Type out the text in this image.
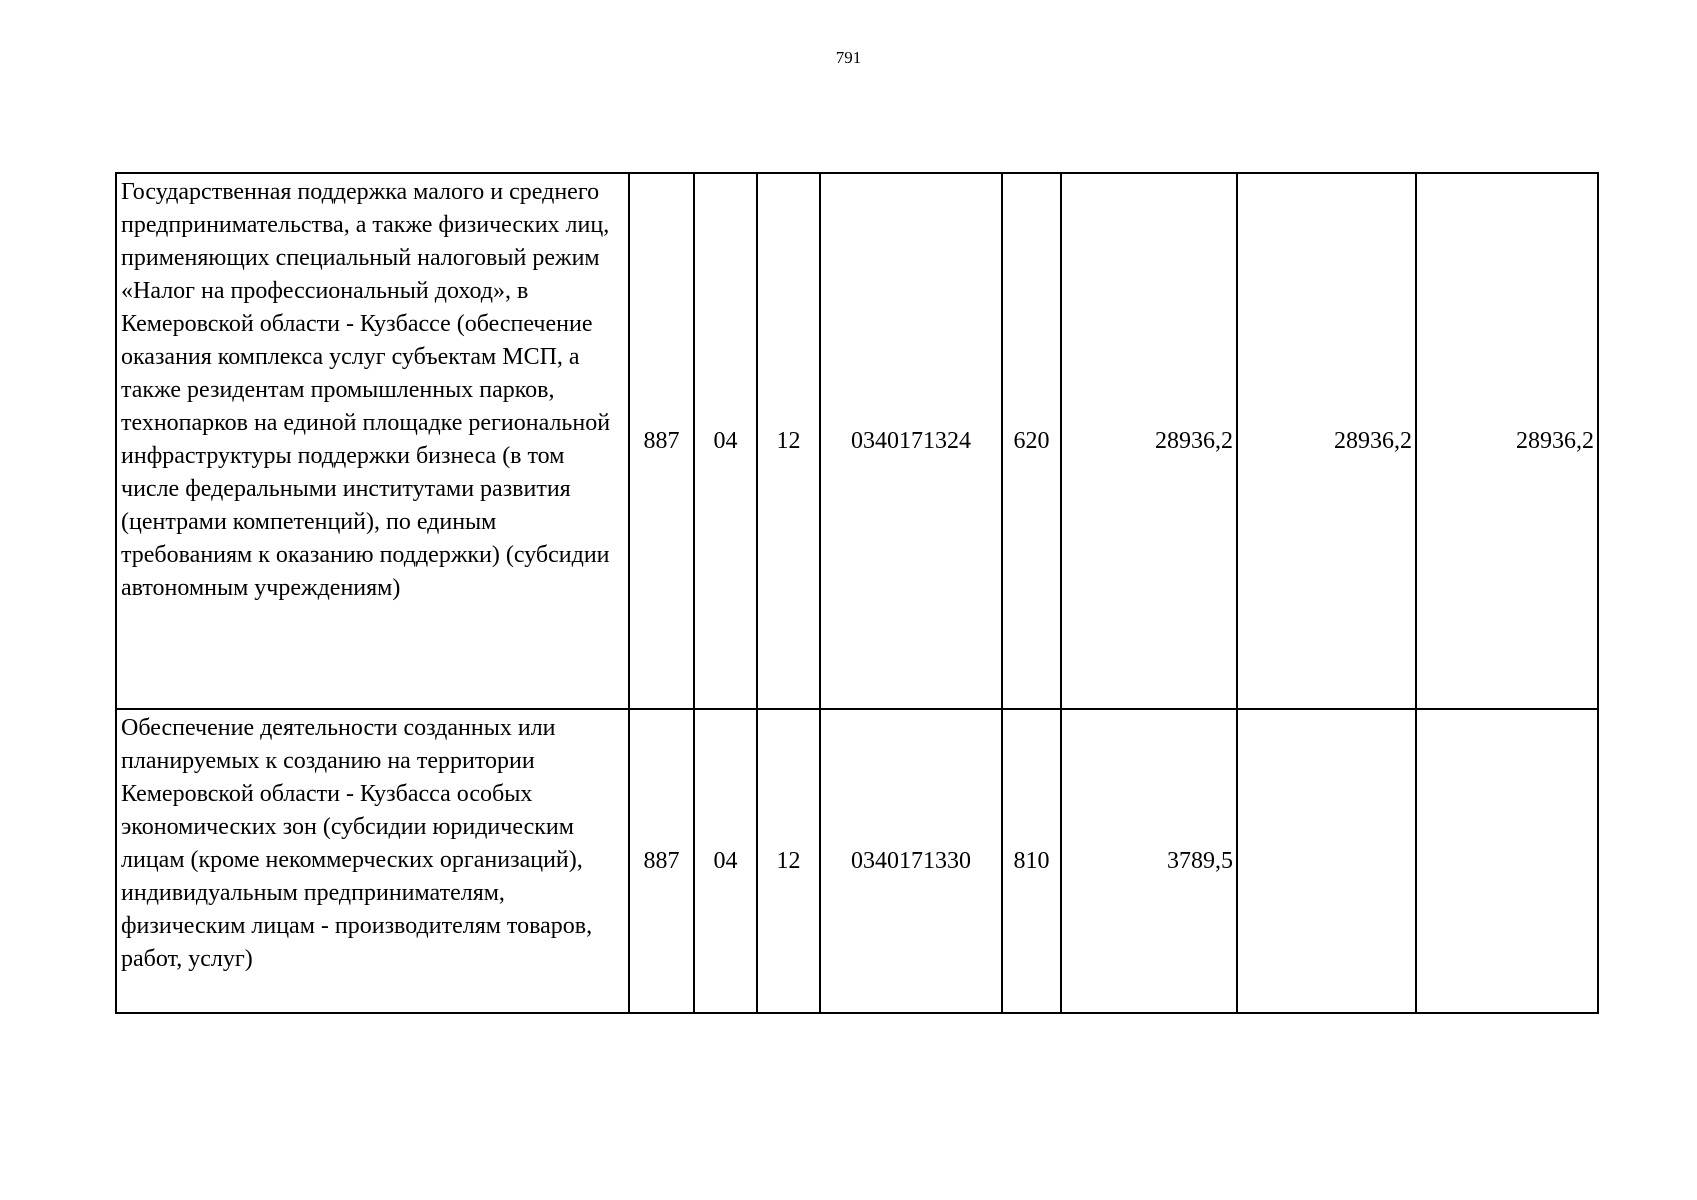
791
Государственная поддержка малого и среднего предпринимательства, а также физических лиц, применяющих специальный налоговый режим «Налог на профессиональный доход», в Кемеровской области - Кузбассе (обеспечение оказания комплекса услуг субъектам МСП, а также резидентам промышленных парков, технопарков на единой площадке региональной инфраструктуры поддержки бизнеса (в том числе федеральными институтами развития (центрами компетенций), по единым требованиям к оказанию поддержки) (субсидии автономным учреждениям)	887	04	12	0340171324	620	28936,2	28936,2	28936,2

Обеспечение деятельности созданных или планируемых к созданию на территории Кемеровской области - Кузбасса особых экономических зон (субсидии юридическим лицам (кроме некоммерческих организаций), индивидуальным предпринимателям, физическим лицам - производителям товаров, работ, услуг)	887	04	12	0340171330	810	3789,5		
